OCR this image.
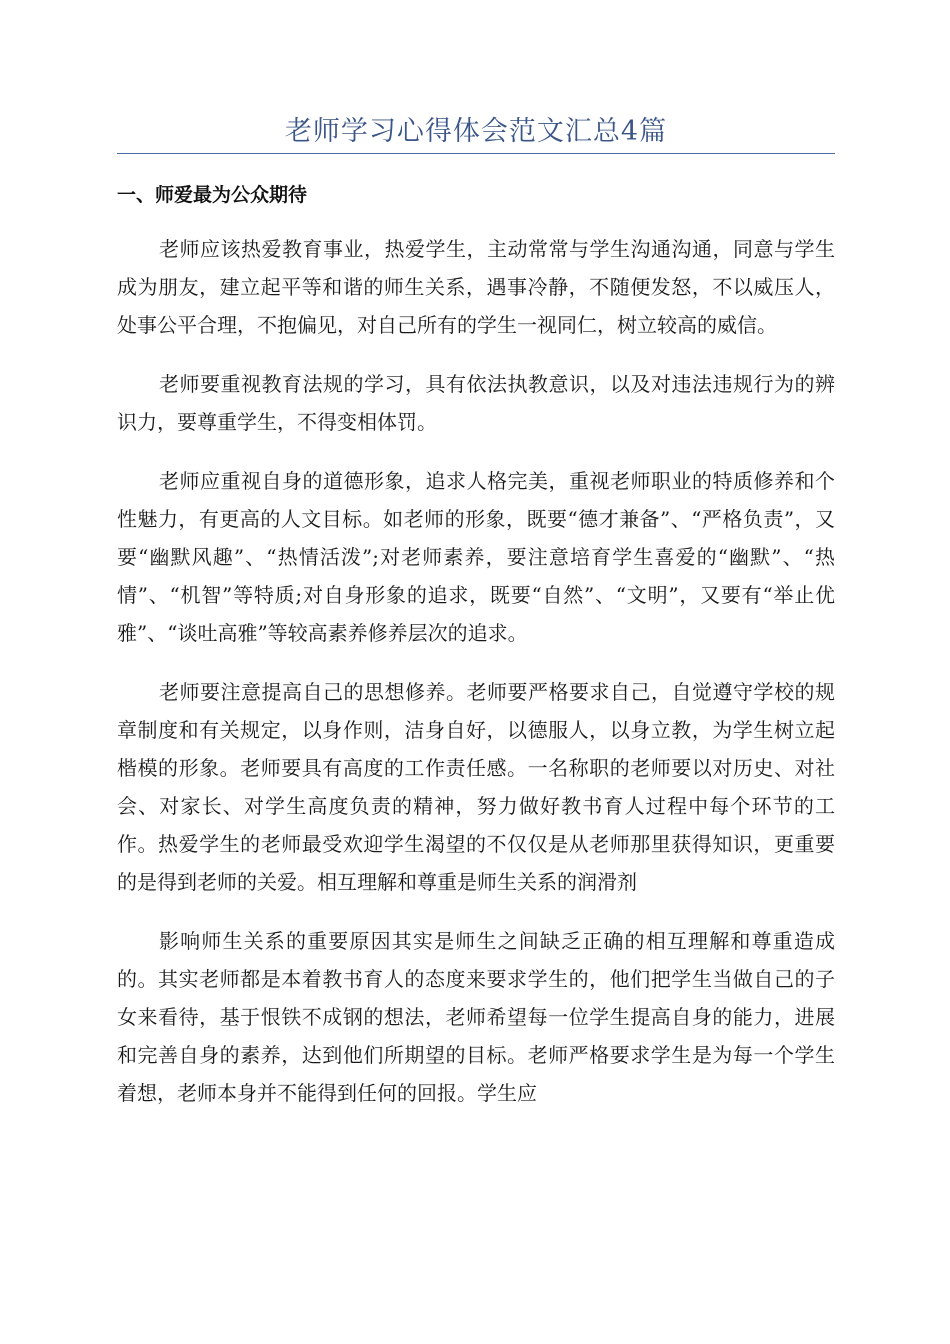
老师学习心得体会范文汇总4篇
一、师爱最为公众期待

老师应该热爱教育事业，热爱学生，主动常常与学生沟通沟通，同意与学生成为朋友，建立起平等和谐的师生关系，遇事冷静，不随便发怒，不以威压人，处事公平合理，不抱偏见，对自己所有的学生一视同仁，树立较高的威信。

老师要重视教育法规的学习，具有依法执教意识，以及对违法违规行为的辨识力，要尊重学生，不得变相体罚。

老师应重视自身的道德形象，追求人格完美，重视老师职业的特质修养和个性魅力，有更高的人文目标。如老师的形象，既要“德才兼备”、“严格负责”，又要“幽默风趣”、“热情活泼”;对老师素养，要注意培育学生喜爱的“幽默”、“热情”、“机智”等特质;对自身形象的追求，既要“自然”、“文明”，又要有“举止优雅”、“谈吐高雅”等较高素养修养层次的追求。

老师要注意提高自己的思想修养。老师要严格要求自己，自觉遵守学校的规章制度和有关规定，以身作则，洁身自好，以德服人，以身立教，为学生树立起楷模的形象。老师要具有高度的工作责任感。一名称职的老师要以对历史、对社会、对家长、对学生高度负责的精神，努力做好教书育人过程中每个环节的工作。热爱学生的老师最受欢迎学生渴望的不仅仅是从老师那里获得知识，更重要的是得到老师的关爱。相互理解和尊重是师生关系的润滑剂

影响师生关系的重要原因其实是师生之间缺乏正确的相互理解和尊重造成的。其实老师都是本着教书育人的态度来要求学生的，他们把学生当做自己的子女来看待，基于恨铁不成钢的想法，老师希望每一位学生提高自身的能力，进展和完善自身的素养，达到他们所期望的目标。老师严格要求学生是为每一个学生着想，老师本身并不能得到任何的回报。学生应
